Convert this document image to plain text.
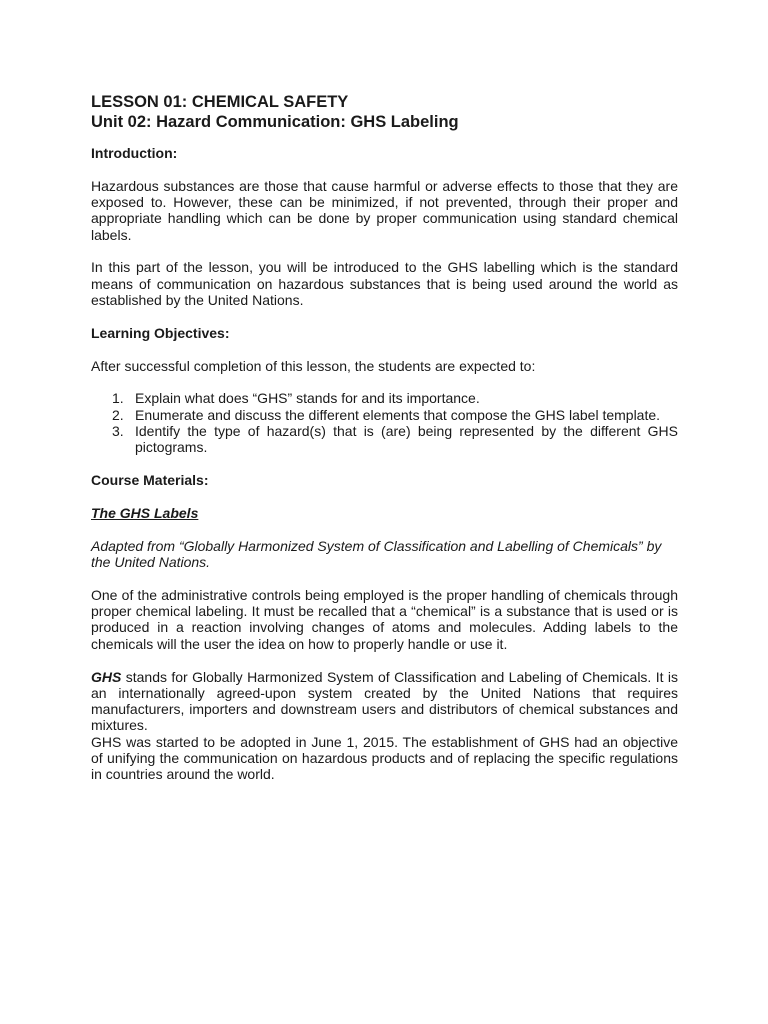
LESSON 01: CHEMICAL SAFETY
Unit 02: Hazard Communication: GHS Labeling

Introduction:

Hazardous substances are those that cause harmful or adverse effects to those that they are exposed to. However, these can be minimized, if not prevented, through their proper and appropriate handling which can be done by proper communication using standard chemical labels.

In this part of the lesson, you will be introduced to the GHS labelling which is the standard means of communication on hazardous substances that is being used around the world as established by the United Nations.

Learning Objectives:

After successful completion of this lesson, the students are expected to:

1. Explain what does “GHS” stands for and its importance.
2. Enumerate and discuss the different elements that compose the GHS label template.
3. Identify the type of hazard(s) that is (are) being represented by the different GHS pictograms.

Course Materials:

The GHS Labels

Adapted from “Globally Harmonized System of Classification and Labelling of Chemicals” by the United Nations.

One of the administrative controls being employed is the proper handling of chemicals through proper chemical labeling. It must be recalled that a “chemical” is a substance that is used or is produced in a reaction involving changes of atoms and molecules. Adding labels to the chemicals will the user the idea on how to properly handle or use it.

GHS stands for Globally Harmonized System of Classification and Labeling of Chemicals. It is an internationally agreed-upon system created by the United Nations that requires manufacturers, importers and downstream users and distributors of chemical substances and mixtures.

GHS was started to be adopted in June 1, 2015. The establishment of GHS had an objective of unifying the communication on hazardous products and of replacing the specific regulations in countries around the world.
